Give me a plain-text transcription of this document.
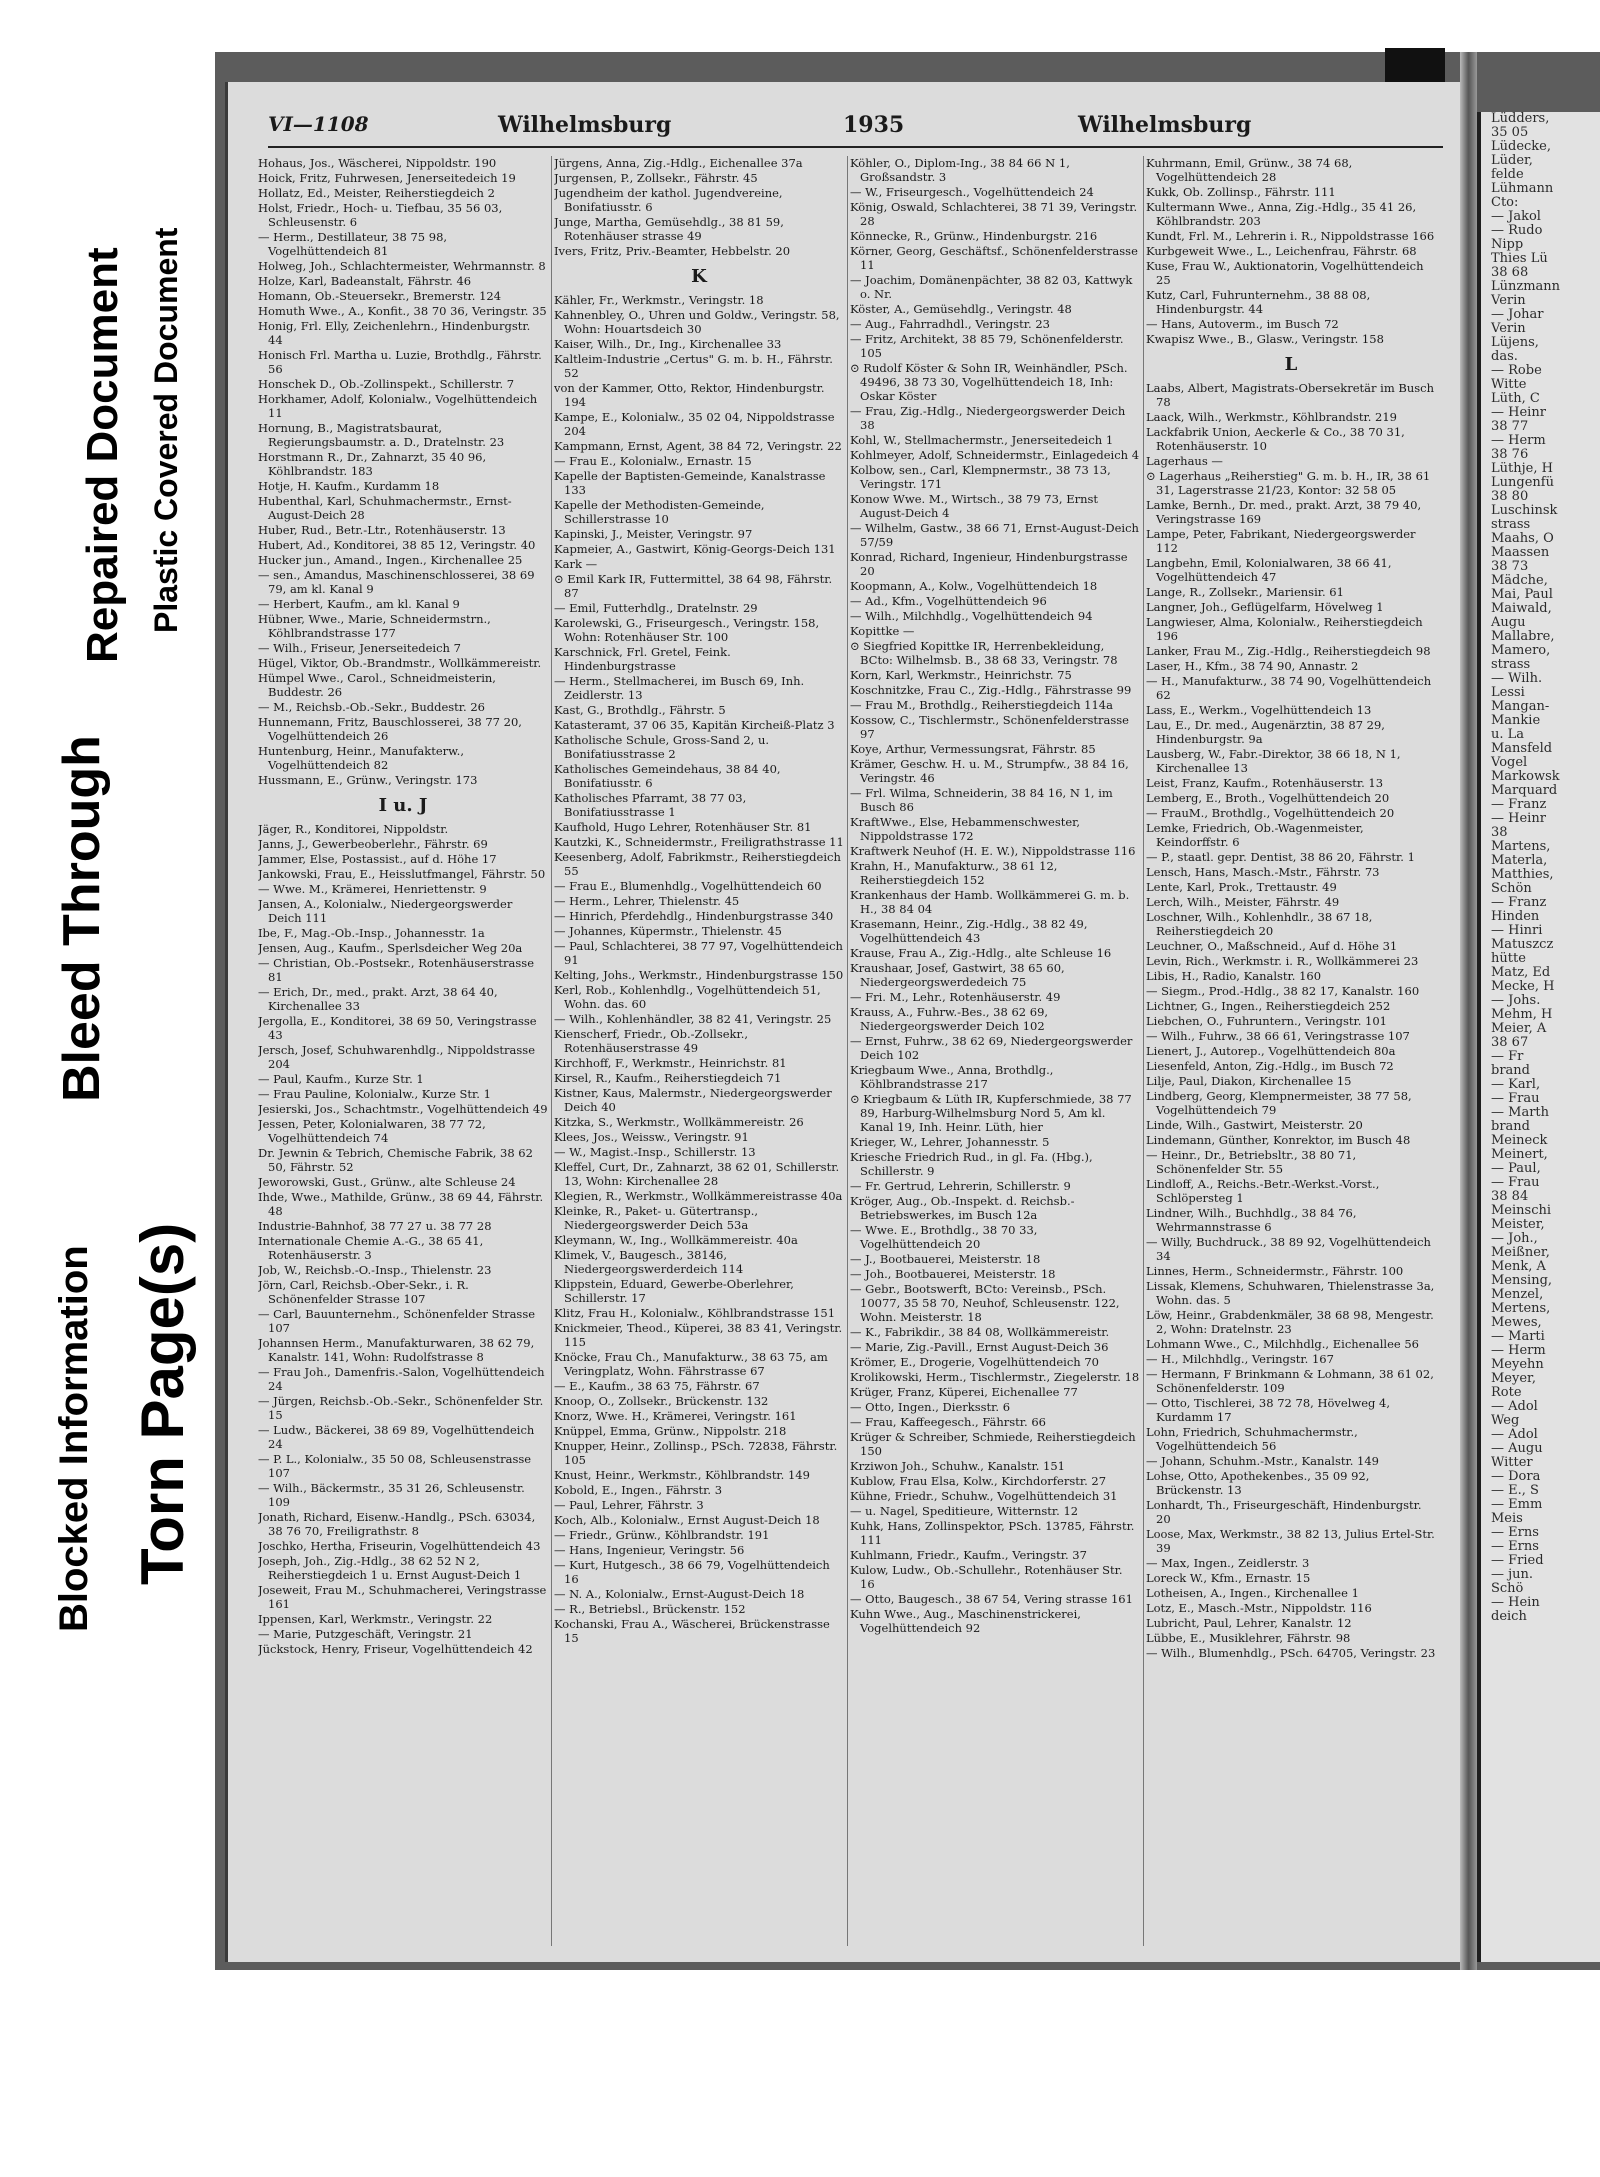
Torn Page(s)
Blocked Information
Bleed Through
Repaired Document Plastic Covered Document
VI—1108	Wilhelmsburg	1935	Wilhelmsburg
Hohaus, Jos., Wäscherei, Nippoldstr. 190
Hoick, Fritz, Fuhrwesen, Jenerseitedeich 19
Hollatz, Ed., Meister, Reiherstiegdeich 2
Holst, Friedr., Hoch- u. Tiefbau, 35 56 03, Schleusenstr. 6
— Herm., Destillateur, 38 75 98, Vogelhüttendeich 81
Holweg, Joh., Schlachtermeister, Wehrmannstr. 8
Holze, Karl, Badeanstalt, Fährstr. 46
Homann, Ob.-Steuersekr., Bremerstr. 124
Homuth Wwe., A., Konfit., 38 70 36, Veringstr. 35
Honig, Frl. Elly, Zeichenlehrn., Hindenburgstr. 44
Honisch Frl. Martha u. Luzie, Brothdlg., Fährstr. 56
Honschek D., Ob.-Zollinspekt., Schillerstr. 7
Horkhamer, Adolf, Kolonialw., Vogelhüttendeich 11
Hornung, B., Magistratsbaurat, Regierungsbaumstr. a. D., Dratelnstr. 23
Horstmann R., Dr., Zahnarzt, 35 40 96, Köhlbrandstr. 183
Hotje, H. Kaufm., Kurdamm 18
Hubenthal, Karl, Schuhmachermstr., Ernst-August-Deich 28
Huber, Rud., Betr.-Ltr., Rotenhäuserstr. 13
Hubert, Ad., Konditorei, 38 85 12, Veringstr. 40
Hucker jun., Amand., Ingen., Kirchenallee 25
— sen., Amandus, Maschinenschlosserei, 38 69 79, am kl. Kanal 9
— Herbert, Kaufm., am kl. Kanal 9
Hübner, Wwe., Marie, Schneidermstrn., Köhlbrandstrasse 177
— Wilh., Friseur, Jenerseitedeich 7
Hügel, Viktor, Ob.-Brandmstr., Wollkämmereistr.
Hümpel Wwe., Carol., Schneidmeisterin, Buddestr. 26
— M., Reichsb.-Ob.-Sekr., Buddestr. 26
Hunnemann, Fritz, Bauschlosserei, 38 77 20, Vogelhüttendeich 26
Huntenburg, Heinr., Manufakterw., Vogelhüttendeich 82
Hussmann, E., Grünw., Veringstr. 173
I u. J
Jäger, R., Konditorei, Nippoldstr.
Janns, J., Gewerbeoberlehr., Fährstr. 69
Jammer, Else, Postassist., auf d. Höhe 17
Jankowski, Frau, E., Heisslutfmangel, Fährstr. 50
— Wwe. M., Krämerei, Henriettenstr. 9
Jansen, A., Kolonialw., Niedergeorgswerder Deich 111
Ibe, F., Mag.-Ob.-Insp., Johannesstr. 1a
Jensen, Aug., Kaufm., Sperlsdeicher Weg 20a
— Christian, Ob.-Postsekr., Rotenhäuserstrasse 81
— Erich, Dr., med., prakt. Arzt, 38 64 40, Kirchenallee 33
Jergolla, E., Konditorei, 38 69 50, Veringstrasse 43
Jersch, Josef, Schuhwarenhdlg., Nippoldstrasse 204
— Paul, Kaufm., Kurze Str. 1
— Frau Pauline, Kolonialw., Kurze Str. 1
Jesierski, Jos., Schachtmstr., Vogelhüttendeich 49
Jessen, Peter, Kolonialwaren, 38 77 72, Vogelhüttendeich 74
Dr. Jewnin & Tebrich, Chemische Fabrik, 38 62 50, Fährstr. 52
Jeworowski, Gust., Grünw., alte Schleuse 24
Ihde, Wwe., Mathilde, Grünw., 38 69 44, Fährstr. 48
Industrie-Bahnhof, 38 77 27 u. 38 77 28
Internationale Chemie A.-G., 38 65 41, Rotenhäuserstr. 3
Job, W., Reichsb.-O.-Insp., Thielenstr. 23
Jörn, Carl, Reichsb.-Ober-Sekr., i. R. Schönenfelder Strasse 107
— Carl, Bauunternehm., Schönenfelder Strasse 107
Johannsen Herm., Manufakturwaren, 38 62 79, Kanalstr. 141, Wohn: Rudolfstrasse 8
— Frau Joh., Damenfris.-Salon, Vogelhüttendeich 24
— Jürgen, Reichsb.-Ob.-Sekr., Schönenfelder Str. 15
— Ludw., Bäckerei, 38 69 89, Vogelhüttendeich 24
— P. L., Kolonialw., 35 50 08, Schleusenstrasse 107
— Wilh., Bäckermstr., 35 31 26, Schleusenstr. 109
Jonath, Richard, Eisenw.-Handlg., PSch. 63034, 38 76 70, Freiligrathstr. 8
Joschko, Hertha, Friseurin, Vogelhüttendeich 43
Joseph, Joh., Zig.-Hdlg., 38 62 52 N 2, Reiherstiegdeich 1 u. Ernst August-Deich 1
Joseweit, Frau M., Schuhmacherei, Veringstrasse 161
Ippensen, Karl, Werkmstr., Veringstr. 22
— Marie, Putzgeschäft, Veringstr. 21
Jückstock, Henry, Friseur, Vogelhüttendeich 42
Jürgens, Anna, Zig.-Hdlg., Eichenallee 37a
Jurgensen, P., Zollsekr., Fährstr. 45
Jugendheim der kathol. Jugendvereine, Bonifatiusstr. 6
Junge, Martha, Gemüsehdlg., 38 81 59, Rotenhäuser strasse 49
Ivers, Fritz, Priv.-Beamter, Hebbelstr. 20
K
Kähler, Fr., Werkmstr., Veringstr. 18
Kahnenbley, O., Uhren und Goldw., Veringstr. 58, Wohn: Houartsdeich 30
Kaiser, Wilh., Dr., Ing., Kirchenallee 33
Kaltleim-Industrie „Certus" G. m. b. H., Fährstr. 52
von der Kammer, Otto, Rektor, Hindenburgstr. 194
Kampe, E., Kolonialw., 35 02 04, Nippoldstrasse 204
Kampmann, Ernst, Agent, 38 84 72, Veringstr. 22
— Frau E., Kolonialw., Ernastr. 15
Kapelle der Baptisten-Gemeinde, Kanalstrasse 133
Kapelle der Methodisten-Gemeinde, Schillerstrasse 10
Kapinski, J., Meister, Veringstr. 97
Kapmeier, A., Gastwirt, König-Georgs-Deich 131
Kark —
⊙ Emil Kark IR, Futtermittel, 38 64 98, Fährstr. 87
— Emil, Futterhdlg., Dratelnstr. 29
Karolewski, G., Friseurgesch., Veringstr. 158, Wohn: Rotenhäuser Str. 100
Karschnick, Frl. Gretel, Feink. Hindenburgstrasse
— Herm., Stellmacherei, im Busch 69, Inh. Zeidlerstr. 13
Kast, G., Brothdlg., Fährstr. 5
Katasteramt, 37 06 35, Kapitän Kircheiß-Platz 3
Katholische Schule, Gross-Sand 2, u. Bonifatiusstrasse 2
Katholisches Gemeindehaus, 38 84 40, Bonifatiusstr. 6
Katholisches Pfarramt, 38 77 03, Bonifatiusstrasse 1
Kaufhold, Hugo Lehrer, Rotenhäuser Str. 81
Kautzki, K., Schneidermstr., Freiligrathstrasse 11
Keesenberg, Adolf, Fabrikmstr., Reiherstiegdeich 55
— Frau E., Blumenhdlg., Vogelhüttendeich 60
— Herm., Lehrer, Thielenstr. 45
— Hinrich, Pferdehdlg., Hindenburgstrasse 340
— Johannes, Küpermstr., Thielenstr. 45
— Paul, Schlachterei, 38 77 97, Vogelhüttendeich 91
Kelting, Johs., Werkmstr., Hindenburgstrasse 150
Kerl, Rob., Kohlenhdlg., Vogelhüttendeich 51, Wohn. das. 60
— Wilh., Kohlenhändler, 38 82 41, Veringstr. 25
Kienscherf, Friedr., Ob.-Zollsekr., Rotenhäuserstrasse 49
Kirchhoff, F., Werkmstr., Heinrichstr. 81
Kirsel, R., Kaufm., Reiherstiegdeich 71
Kistner, Kaus, Malermstr., Niedergeorgswerder Deich 40
Kitzka, S., Werkmstr., Wollkämmereistr. 26
Klees, Jos., Weissw., Veringstr. 91
— W., Magist.-Insp., Schillerstr. 13
Kleffel, Curt, Dr., Zahnarzt, 38 62 01, Schillerstr. 13, Wohn: Kirchenallee 28
Klegien, R., Werkmstr., Wollkämmereistrasse 40a
Kleinke, R., Paket- u. Gütertransp., Niedergeorgswerder Deich 53a
Kleymann, W., Ing., Wollkämmereistr. 40a
Klimek, V., Baugesch., 38146, Niedergeorgswerderdeich 114
Klippstein, Eduard, Gewerbe-Oberlehrer, Schillerstr. 17
Klitz, Frau H., Kolonialw., Köhlbrandstrasse 151
Knickmeier, Theod., Küperei, 38 83 41, Veringstr. 115
Knöcke, Frau Ch., Manufakturw., 38 63 75, am Veringplatz, Wohn. Fährstrasse 67
— E., Kaufm., 38 63 75, Fährstr. 67
Knoop, O., Zollsekr., Brückenstr. 132
Knorz, Wwe. H., Krämerei, Veringstr. 161
Knüppel, Emma, Grünw., Nippolstr. 218
Knupper, Heinr., Zollinsp., PSch. 72838, Fährstr. 105
Knust, Heinr., Werkmstr., Köhlbrandstr. 149
Kobold, E., Ingen., Fährstr. 3
— Paul, Lehrer, Fährstr. 3
Koch, Alb., Kolonialw., Ernst August-Deich 18
— Friedr., Grünw., Köhlbrandstr. 191
— Hans, Ingenieur, Veringstr. 56
— Kurt, Hutgesch., 38 66 79, Vogelhüttendeich 16
— N. A., Kolonialw., Ernst-August-Deich 18
— R., Betriebsl., Brückenstr. 152
Kochanski, Frau A., Wäscherei, Brückenstrasse 15
Köhler, O., Diplom-Ing., 38 84 66 N 1, Großsandstr. 3
— W., Friseurgesch., Vogelhüttendeich 24
König, Oswald, Schlachterei, 38 71 39, Veringstr. 28
Könnecke, R., Grünw., Hindenburgstr. 216
Körner, Georg, Geschäftsf., Schönenfelderstrasse 11
— Joachim, Domänenpächter, 38 82 03, Kattwyk o. Nr.
Köster, A., Gemüsehdlg., Veringstr. 48
— Aug., Fahrradhdl., Veringstr. 23
— Fritz, Architekt, 38 85 79, Schönenfelderstr. 105
⊙ Rudolf Köster & Sohn IR, Weinhändler, PSch. 49496, 38 73 30, Vogelhüttendeich 18, Inh: Oskar Köster
— Frau, Zig.-Hdlg., Niedergeorgswerder Deich 38
Kohl, W., Stellmachermstr., Jenerseitedeich 1
Kohlmeyer, Adolf, Schneidermstr., Einlagedeich 4
Kolbow, sen., Carl, Klempnermstr., 38 73 13, Veringstr. 171
Konow Wwe. M., Wirtsch., 38 79 73, Ernst August-Deich 4
— Wilhelm, Gastw., 38 66 71, Ernst-August-Deich 57/59
Konrad, Richard, Ingenieur, Hindenburgstrasse 20
Koopmann, A., Kolw., Vogelhüttendeich 18
— Ad., Kfm., Vogelhüttendeich 96
— Wilh., Milchhdlg., Vogelhüttendeich 94
Kopittke —
⊙ Siegfried Kopittke IR, Herrenbekleidung, BCto: Wilhelmsb. B., 38 68 33, Veringstr. 78
Korn, Karl, Werkmstr., Heinrichstr. 75
Koschnitzke, Frau C., Zig.-Hdlg., Fährstrasse 99
— Frau M., Brothdlg., Reiherstiegdeich 114a
Kossow, C., Tischlermstr., Schönenfelderstrasse 97
Koye, Arthur, Vermessungsrat, Fährstr. 85
Krämer, Geschw. H. u. M., Strumpfw., 38 84 16, Veringstr. 46
— Frl. Wilma, Schneiderin, 38 84 16, N 1, im Busch 86
KraftWwe., Else, Hebammenschwester, Nippoldstrasse 172
Kraftwerk Neuhof (H. E. W.), Nippoldstrasse 116
Krahn, H., Manufakturw., 38 61 12, Reiherstiegdeich 152
Krankenhaus der Hamb. Wollkämmerei G. m. b. H., 38 84 04
Krasemann, Heinr., Zig.-Hdlg., 38 82 49, Vogelhüttendeich 43
Krause, Frau A., Zig.-Hdlg., alte Schleuse 16
Kraushaar, Josef, Gastwirt, 38 65 60, Niedergeorgswerdedeich 75
— Fri. M., Lehr., Rotenhäuserstr. 49
Krauss, A., Fuhrw.-Bes., 38 62 69, Niedergeorgswerder Deich 102
— Ernst, Fuhrw., 38 62 69, Niedergeorgswerder Deich 102
Kriegbaum Wwe., Anna, Brothdlg., Köhlbrandstrasse 217
⊙ Kriegbaum & Lüth IR, Kupferschmiede, 38 77 89, Harburg-Wilhelmsburg Nord 5, Am kl. Kanal 19, Inh. Heinr. Lüth, hier
Krieger, W., Lehrer, Johannesstr. 5
Kriesche Friedrich Rud., in gl. Fa. (Hbg.), Schillerstr. 9
— Fr. Gertrud, Lehrerin, Schillerstr. 9
Kröger, Aug., Ob.-Inspekt. d. Reichsb.-Betriebswerkes, im Busch 12a
— Wwe. E., Brothdlg., 38 70 33, Vogelhüttendeich 20
— J., Bootbauerei, Meisterstr. 18
— Joh., Bootbauerei, Meisterstr. 18
— Gebr., Bootswerft, BCto: Vereinsb., PSch. 10077, 35 58 70, Neuhof, Schleusenstr. 122, Wohn. Meisterstr. 18
— K., Fabrikdir., 38 84 08, Wollkämmereistr.
— Marie, Zig.-Pavill., Ernst August-Deich 36
Krömer, E., Drogerie, Vogelhüttendeich 70
Krolikowski, Herm., Tischlermstr., Ziegelerstr. 18
Krüger, Franz, Küperei, Eichenallee 77
— Otto, Ingen., Dierksstr. 6
— Frau, Kaffeegesch., Fährstr. 66
Krüger & Schreiber, Schmiede, Reiherstiegdeich 150
Krziwon Joh., Schuhw., Kanalstr. 151
Kublow, Frau Elsa, Kolw., Kirchdorferstr. 27
Kühne, Friedr., Schuhw., Vogelhüttendeich 31
— u. Nagel, Speditieure, Witternstr. 12
Kuhk, Hans, Zollinspektor, PSch. 13785, Fährstr. 111
Kuhlmann, Friedr., Kaufm., Veringstr. 37
Kulow, Ludw., Ob.-Schullehr., Rotenhäuser Str. 16
— Otto, Baugesch., 38 67 54, Vering strasse 161
Kuhn Wwe., Aug., Maschinenstrickerei, Vogelhüttendeich 92
Kuhrmann, Emil, Grünw., 38 74 68, Vogelhüttendeich 28
Kukk, Ob. Zollinsp., Fährstr. 111
Kultermann Wwe., Anna, Zig.-Hdlg., 35 41 26, Köhlbrandstr. 203
Kundt, Frl. M., Lehrerin i. R., Nippoldstrasse 166
Kurbgeweit Wwe., L., Leichenfrau, Fährstr. 68
Kuse, Frau W., Auktionatorin, Vogelhüttendeich 25
Kutz, Carl, Fuhrunternehm., 38 88 08, Hindenburgstr. 44
— Hans, Autoverm., im Busch 72
Kwapisz Wwe., B., Glasw., Veringstr. 158
L
Laabs, Albert, Magistrats-Obersekretär im Busch 78
Laack, Wilh., Werkmstr., Köhlbrandstr. 219
Lackfabrik Union, Aeckerle & Co., 38 70 31, Rotenhäuserstr. 10
Lagerhaus —
⊙ Lagerhaus „Reiherstieg" G. m. b. H., IR, 38 61 31, Lagerstrasse 21/23, Kontor: 32 58 05
Lamke, Bernh., Dr. med., prakt. Arzt, 38 79 40, Veringstrasse 169
Lampe, Peter, Fabrikant, Niedergeorgswerder 112
Langbehn, Emil, Kolonialwaren, 38 66 41, Vogelhüttendeich 47
Lange, R., Zollsekr., Mariensir. 61
Langner, Joh., Geflügelfarm, Hövelweg 1
Langwieser, Alma, Kolonialw., Reiherstiegdeich 196
Lanker, Frau M., Zig.-Hdlg., Reiherstiegdeich 98
Laser, H., Kfm., 38 74 90, Annastr. 2
— H., Manufakturw., 38 74 90, Vogelhüttendeich 62
Lass, E., Werkm., Vogelhüttendeich 13
Lau, E., Dr. med., Augenärztin, 38 87 29, Hindenburgstr. 9a
Lausberg, W., Fabr.-Direktor, 38 66 18, N 1, Kirchenallee 13
Leist, Franz, Kaufm., Rotenhäuserstr. 13
Lemberg, E., Broth., Vogelhüttendeich 20
— FrauM., Brothdlg., Vogelhüttendeich 20
Lemke, Friedrich, Ob.-Wagenmeister, Keindorffstr. 6
— P., staatl. gepr. Dentist, 38 86 20, Fährstr. 1
Lensch, Hans, Masch.-Mstr., Fährstr. 73
Lente, Karl, Prok., Trettaustr. 49
Lerch, Wilh., Meister, Fährstr. 49
Loschner, Wilh., Kohlenhdlr., 38 67 18, Reiherstiegdeich 20
Leuchner, O., Maßschneid., Auf d. Höhe 31
Levin, Rich., Werkmstr. i. R., Wollkämmerei 23
Libis, H., Radio, Kanalstr. 160
— Siegm., Prod.-Hdlg., 38 82 17, Kanalstr. 160
Lichtner, G., Ingen., Reiherstiegdeich 252
Liebchen, O., Fuhruntern., Veringstr. 101
— Wilh., Fuhrw., 38 66 61, Veringstrasse 107
Lienert, J., Autorep., Vogelhüttendeich 80a
Liesenfeld, Anton, Zig.-Hdlg., im Busch 72
Lilje, Paul, Diakon, Kirchenallee 15
Lindberg, Georg, Klempnermeister, 38 77 58, Vogelhüttendeich 79
Linde, Wilh., Gastwirt, Meisterstr. 20
Lindemann, Günther, Konrektor, im Busch 48
— Heinr., Dr., Betriebsltr., 38 80 71, Schönenfelder Str. 55
Lindloff, A., Reichs.-Betr.-Werkst.-Vorst., Schlöpersteg 1
Lindner, Wilh., Buchhdlg., 38 84 76, Wehrmannstrasse 6
— Willy, Buchdruck., 38 89 92, Vogelhüttendeich 34
Linnes, Herm., Schneidermstr., Fährstr. 100
Lissak, Klemens, Schuhwaren, Thielenstrasse 3a, Wohn. das. 5
Löw, Heinr., Grabdenkmäler, 38 68 98, Mengestr. 2, Wohn: Dratelnstr. 23
Lohmann Wwe., C., Milchhdlg., Eichenallee 56
— H., Milchhdlg., Veringstr. 167
— Hermann, F Brinkmann & Lohmann, 38 61 02, Schönenfelderstr. 109
— Otto, Tischlerei, 38 72 78, Hövelweg 4, Kurdamm 17
Lohn, Friedrich, Schuhmachermstr., Vogelhüttendeich 56
— Johann, Schuhm.-Mstr., Kanalstr. 149
Lohse, Otto, Apothekenbes., 35 09 92, Brückenstr. 13
Lonhardt, Th., Friseurgeschäft, Hindenburgstr. 20
Loose, Max, Werkmstr., 38 82 13, Julius Ertel-Str. 39
— Max, Ingen., Zeidlerstr. 3
Loreck W., Kfm., Ernastr. 15
Lotheisen, A., Ingen., Kirchenallee 1
Lotz, E., Masch.-Mstr., Nippoldstr. 116
Lubricht, Paul, Lehrer, Kanalstr. 12
Lübbe, E., Musiklehrer, Fährstr. 98
— Wilh., Blumenhdlg., PSch. 64705, Veringstr. 23
Lüdders,
35 05
Lüdecke,
Lüder,
felde
Lühmann
Cto:
— Jakol
— Rudo
Nipp
Thies Lü
38 68
Lünzmann
Verin
— Johar
Verin
Lüjens,
das.
— Robe
Witte
Lüth, C
— Heinr
38 77
— Herm
38 76
Lüthje, H
Lungenfü
38 80
Luschinsk
strass
Maahs, O
Maassen
38 73
Mädche,
Mai, Paul
Maiwald,
Augu
Mallabre,
Mamero,
strass
— Wilh.
Lessi
Mangan-
Mankie
u. La
Mansfeld
Vogel
Markowsk
Marquard
— Franz
— Heinr
38
Martens,
Materla,
Matthies,
Schön
— Franz
Hinden
— Hinri
Matuszcz
hütte
Matz, Ed
Mecke, H
— Johs.
Mehm, H
Meier, A
38 67
— Fr
brand
— Karl,
— Frau
— Marth
brand
Meineck
Meinert,
— Paul,
— Frau
38 84
Meinschi
Meister,
— Joh.,
Meißner,
Menk, A
Mensing,
Menzel,
Mertens,
Mewes,
— Marti
— Herm
Meyehn
Meyer,
Rote
— Adol
Weg
— Adol
— Augu
Witter
— Dora
— E., S
— Emm
Meis
— Erns
— Erns
— Fried
— jun.
Schö
— Hein
deich
